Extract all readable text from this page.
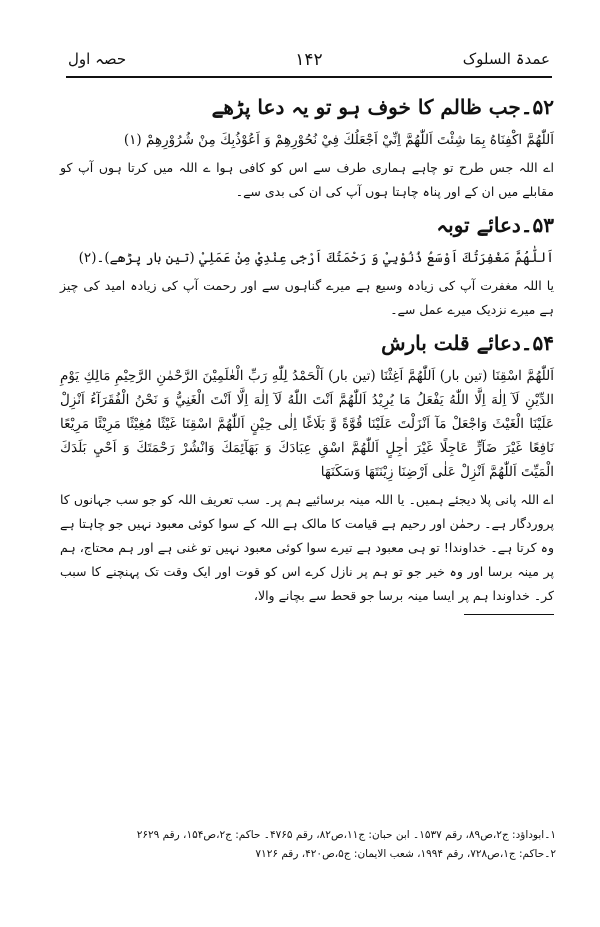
عمدۃ السلوک
۱۴۲
حصہ اول
۵۲۔جب ظالم کا خوف ہو تو یہ دعا پڑھے

اَللّٰهُمَّ اكْفِنَاهُ بِمَا شِئْتَ اَللّٰهُمَّ اِنِّيْ اَجْعَلُكَ فِيْ نُحُوْرِهِمْ وَ اَعُوْذُبِكَ مِنْ شُرُوْرِهِمْ (۱)

اے اللہ جس طرح تو چاہے ہماری طرف سے اس کو کافی ہوا ے اللہ میں کرتا ہوں آپ کو مقابلے میں ان کے اور پناہ چاہتا ہوں آپ کی ان کی بدی سے۔

۵۳۔دعائے توبہ

اَللّٰهُمَّ مَغْفِرَتُكَ اَوْسَعُ ذُنُوْبِيْ وَ رَحْمَتُكَ اَرْجٰى عِنْدِيْ مِنْ عَمَلِيْ (تین بار پڑھے)۔(۲)

یا اللہ مغفرت آپ کی زیادہ وسیع ہے میرے گناہوں سے اور رحمت آپ کی زیادہ امید کی چیز ہے میرے نزدیک میرے عمل سے۔

۵۴۔دعائے قلت بارش

اَللّٰهُمَّ اسْقِنَا (تین بار) اَللّٰهُمَّ اَغِثْنَا (تین بار) اَلْحَمْدُ لِلّٰهِ رَبِّ الْعٰلَمِيْنَ الرَّحْمٰنِ الرَّحِيْمِ مَالِكِ يَوْمِ الدِّيْنِ لَآ اِلٰهَ اِلَّا اللّٰهُ يَفْعَلُ مَا يُرِيْدُ اَللّٰهُمَّ اَنْتَ اللّٰهُ لَآ اِلٰهَ اِلَّا اَنْتَ الْغَنِيُّ وَ نَحْنُ الْفُقَرَآءُ اَنْزِلْ عَلَيْنَا الْغَيْثَ وَاجْعَلْ مَآ اَنْزَلْتَ عَلَيْنَا قُوَّةً وَّ بَلَاغًا اِلٰى حِيْنٍ اَللّٰهُمَّ اسْقِنَا غَيْثًا مُغِيْثًا مَرِيْئًا مَرِيْعًا نَافِعًا غَيْرَ ضَآرٍّ عَاجِلًا غَيْرَ اٰجِلٍ اَللّٰهُمَّ اسْقِ عِبَادَكَ وَ بَهَآئِمَكَ وَانْشُرْ رَحْمَتَكَ وَ اَحْيِ بَلَدَكَ الْمَيِّتَ اَللّٰهُمَّ اَنْزِلْ عَلٰى اَرْضِنَا زِيْنَتَهَا وَسَكَنَهَا

اے اللہ پانی پلا دیجئے ہمیں۔ یا اللہ مینہ برسائیے ہم پر۔ سب تعریف اللہ کو جو سب جہانوں کا پروردگار ہے۔ رحمٰن اور رحیم ہے قیامت کا مالک ہے اللہ کے سوا کوئی معبود نہیں جو چاہتا ہے وہ کرتا ہے۔ خداوندا! تو ہی معبود ہے تیرے سوا کوئی معبود نہیں تو غنی ہے اور ہم محتاج، ہم پر مینہ برسا اور وہ خیر جو تو ہم پر نازل کرے اس کو قوت اور ایک وقت تک پہنچنے کا سبب کر۔ خداوندا ہم پر ایسا مینہ برسا جو قحط سے بچانے والا،

۱۔ابوداؤد: ج۲،ص۸۹، رقم ۱۵۳۷۔ ابن حبان: ج۱۱،ص۸۲، رقم ۴۷۶۵۔ حاکم: ج۲،ص۱۵۴، رقم ۲۶۲۹
۲۔حاکم: ج۱،ص۷۲۸، رقم ۱۹۹۴، شعب الایمان: ج۵،ص۴۲۰، رقم ۷۱۲۶
